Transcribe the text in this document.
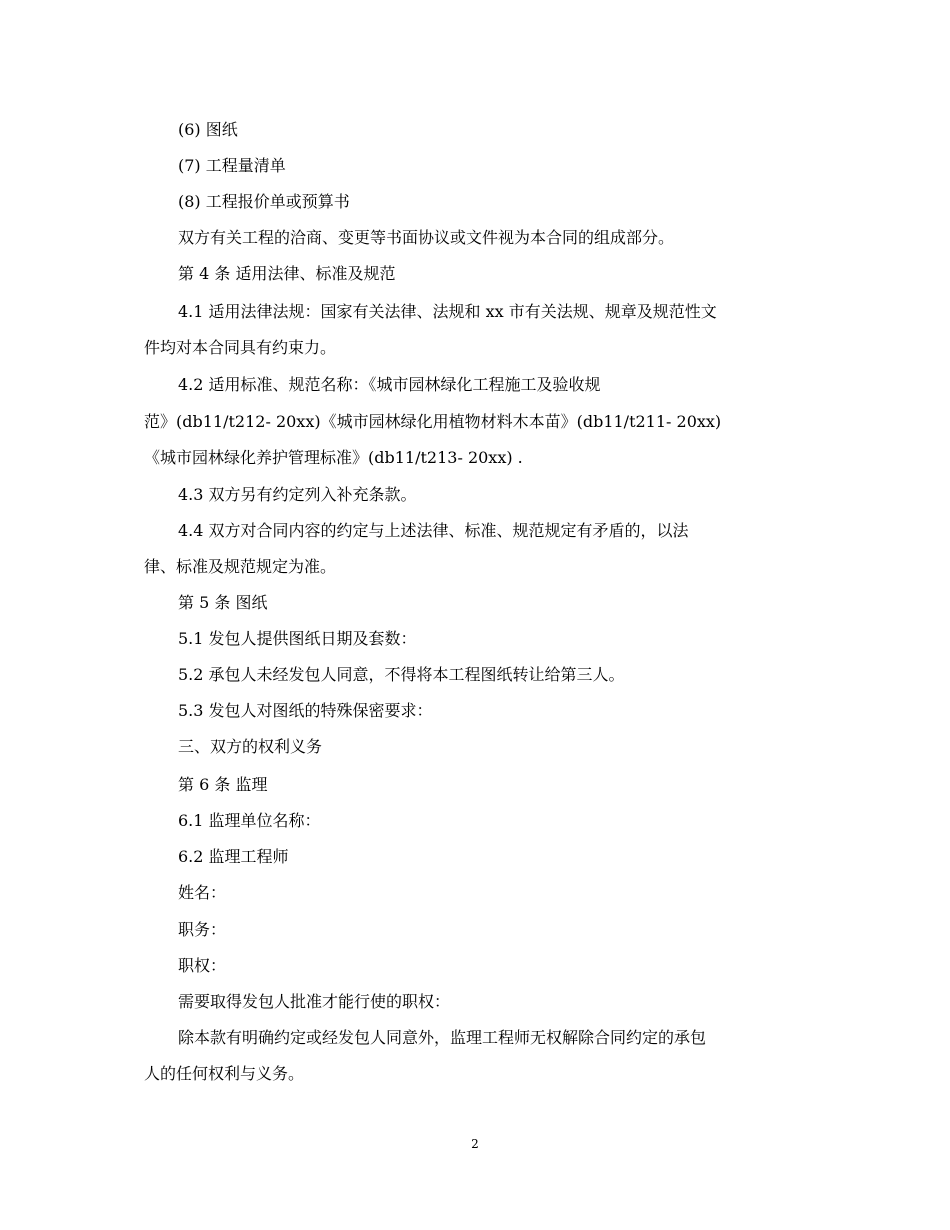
(6) 图纸
(7) 工程量清单
(8) 工程报价单或预算书
双方有关工程的洽商、变更等书面协议或文件视为本合同的组成部分。
第 4 条 适用法律、标准及规范
4.1 适用法律法规：国家有关法律、法规和 xx 市有关法规、规章及规范性文
件均对本合同具有约束力。
4.2 适用标准、规范名称：《城市园林绿化工程施工及验收规
范》(db11/t212- 20xx)《城市园林绿化用植物材料木本苗》(db11/t211- 20xx)
《城市园林绿化养护管理标准》(db11/t213- 20xx) .
4.3 双方另有约定列入补充条款。
4.4 双方对合同内容的约定与上述法律、标准、规范规定有矛盾的，以法
律、标准及规范规定为准。
第 5 条 图纸
5.1 发包人提供图纸日期及套数：
5.2 承包人未经发包人同意，不得将本工程图纸转让给第三人。
5.3 发包人对图纸的特殊保密要求：
三、双方的权利义务
第 6 条 监理
6.1 监理单位名称：
6.2 监理工程师
姓名：
职务：
职权：
需要取得发包人批准才能行使的职权：
除本款有明确约定或经发包人同意外，监理工程师无权解除合同约定的承包
人的任何权利与义务。
2
